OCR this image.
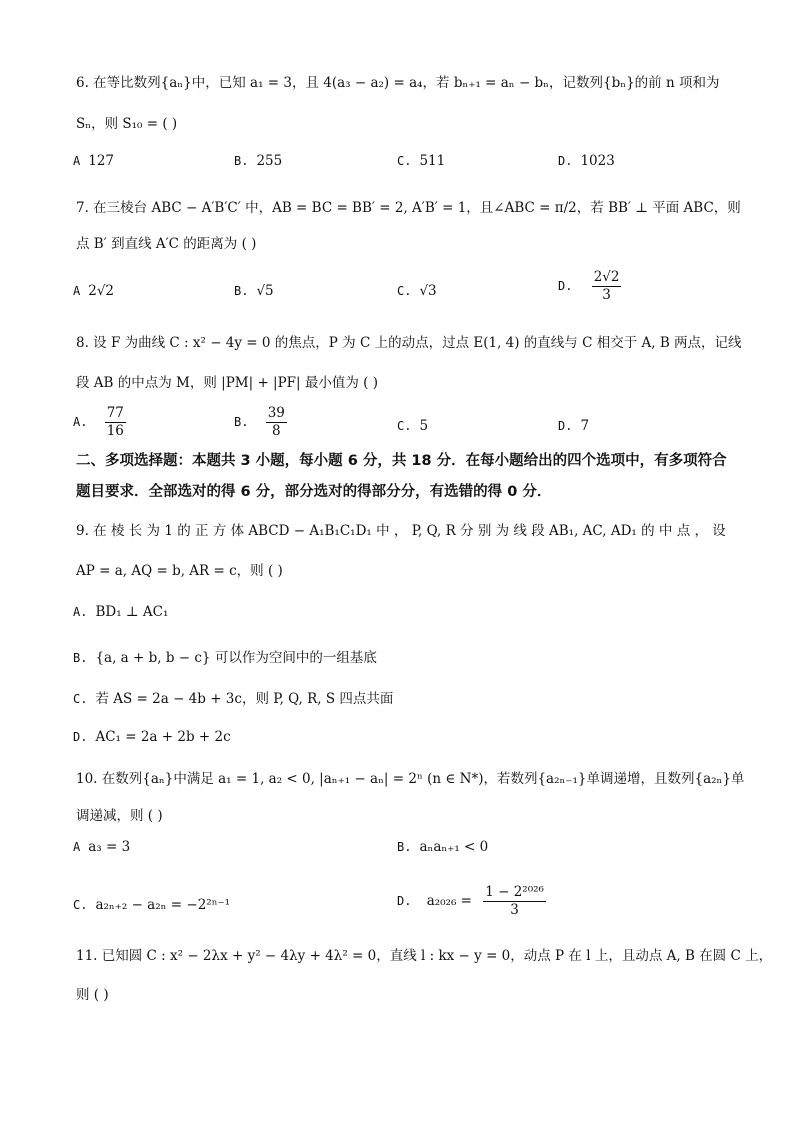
6. 在等比数列{aₙ}中，已知 a₁ = 3，且 4(a₃ − a₂) = a₄，若 bₙ₊₁ = aₙ − bₙ，记数列{bₙ}的前 n 项和为
Sₙ，则 S₁₀ = ( )
A 127	B. 255	C. 511	D. 1023
7. 在三棱台 ABC − A′B′C′ 中，AB = BC = BB′ = 2, A′B′ = 1，且∠ABC = π/2，若 BB′ ⊥ 平面 ABC，则
点 B′ 到直线 A′C 的距离为 ( )
A 2√2	B. √5	C. √3	D. $\frac{2√2}{3}$
8. 设 F 为曲线 C : x² − 4y = 0 的焦点，P 为 C 上的动点，过点 E(1, 4) 的直线与 C 相交于 A, B 两点，记线
段 AB 的中点为 M，则 |PM| + |PF| 最小值为 ( )
A. $\frac{77}{16}$	B. $\frac{39}{8}$	C. 5	D. 7
二、多项选择题：本题共 3 小题，每小题 6 分，共 18 分．在每小题给出的四个选项中，有多项符合题目要求．全部选对的得 6 分，部分选对的得部分分，有选错的得 0 分．
9. 在 棱 长 为 1 的 正 方 体 ABCD − A₁B₁C₁D₁ 中 ， P, Q, R 分 别 为 线 段 AB₁, AC, AD₁ 的 中 点 ， 设
AP = a, AQ = b, AR = c，则 ( )
A. BD₁ ⊥ AC₁
B. {a, a + b, b − c} 可以作为空间中的一组基底
C. 若 AS = 2a − 4b + 3c，则 P, Q, R, S 四点共面
D. AC₁ = 2a + 2b + 2c
10. 在数列{aₙ}中满足 a₁ = 1, a₂ < 0, |aₙ₊₁ − aₙ| = 2ⁿ (n ∈ N*)，若数列{a₂ₙ₋₁}单调递增，且数列{a₂ₙ}单
调递减，则 ( )
A a₃ = 3	B. aₙaₙ₊₁ < 0
C. a₂ₙ₊₂ − a₂ₙ = −2²ⁿ⁻¹	D. $a_{2026} = \frac{\text{1 − 2²⁰²⁶}}{3}$
11. 已知圆 C : x² − 2λx + y² − 4λy + 4λ² = 0，直线 l : kx − y = 0，动点 P 在 l 上，且动点 A, B 在圆 C 上，
则 ( )
